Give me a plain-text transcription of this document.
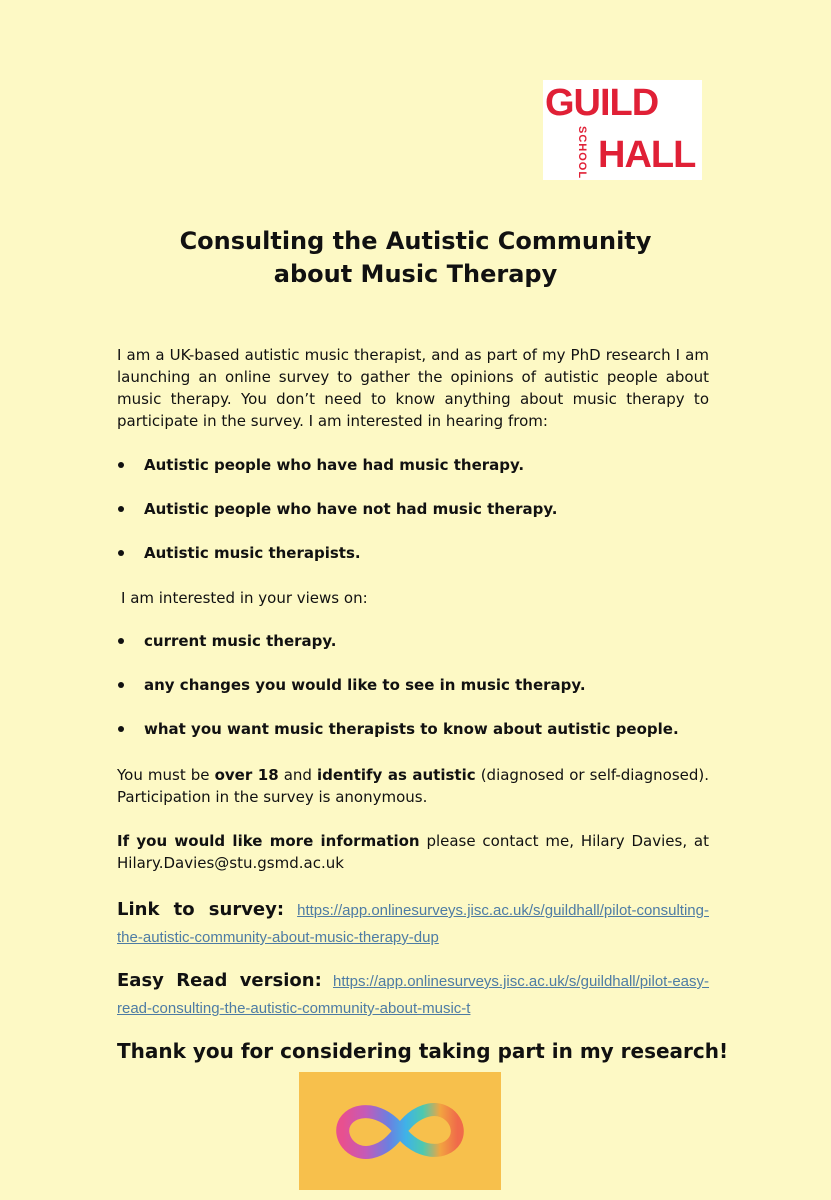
GUILD
SCHOOL HALL
Consulting the Autistic Community
about Music Therapy
I am a UK-based autistic music therapist, and as part of my PhD research I am launching an online survey to gather the opinions of autistic people about music therapy. You don’t need to know anything about music therapy to participate in the survey. I am interested in hearing from:
Autistic people who have had music therapy.
Autistic people who have not had music therapy.
Autistic music therapists.
I am interested in your views on:
current music therapy.
any changes you would like to see in music therapy.
what you want music therapists to know about autistic people.
You must be over 18 and identify as autistic (diagnosed or self-diagnosed). Participation in the survey is anonymous.
If you would like more information please contact me, Hilary Davies, at Hilary.Davies@stu.gsmd.ac.uk
Link to survey: https://app.onlinesurveys.jisc.ac.uk/s/guildhall/pilot-consulting-the-autistic-community-about-music-therapy-dup
Easy Read version: https://app.onlinesurveys.jisc.ac.uk/s/guildhall/pilot-easy-read-consulting-the-autistic-community-about-music-t
Thank you for considering taking part in my research!
